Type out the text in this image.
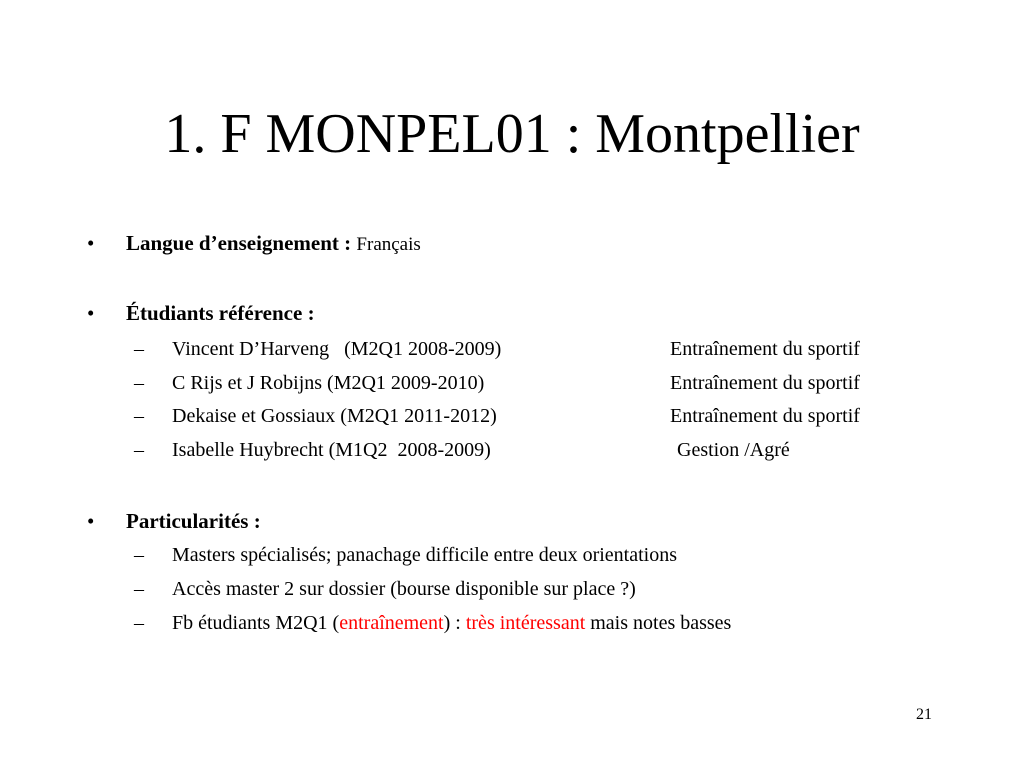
1. F MONPEL01 : Montpellier
• Langue d’enseignement : Français
• Étudiants référence :
– Vincent D’Harveng   (M2Q1 2008-2009)	Entraînement du sportif
– C Rijs et J Robijns (M2Q1 2009-2010)	Entraînement du sportif
– Dekaise et Gossiaux (M2Q1 2011-2012)	Entraînement du sportif
– Isabelle Huybrecht (M1Q2  2008-2009)	Gestion /Agré
• Particularités :
– Masters spécialisés; panachage difficile entre deux orientations
– Accès master 2 sur dossier (bourse disponible sur place ?)
– Fb étudiants M2Q1 (entraînement) : très intéressant mais notes basses
21
